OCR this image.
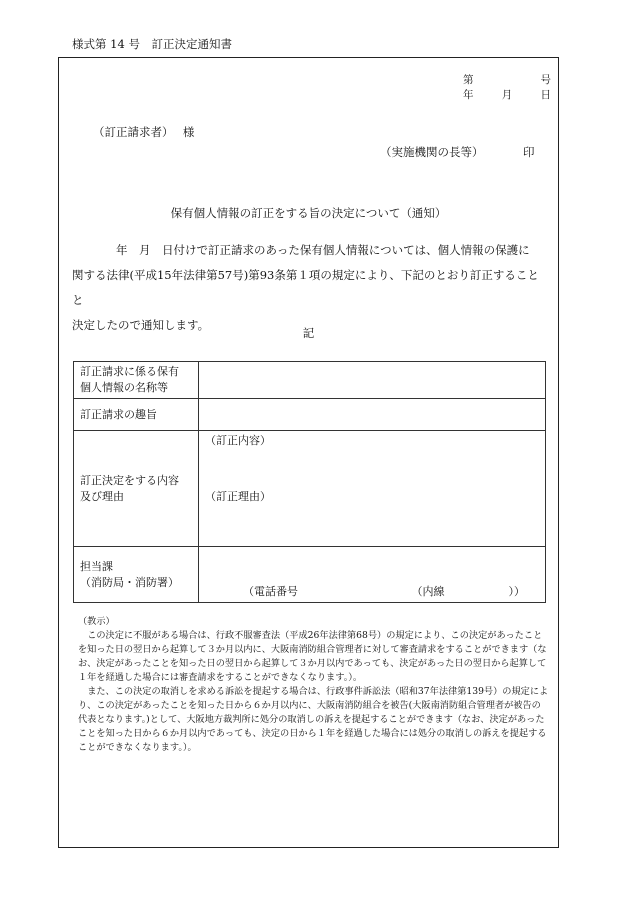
様式第 14 号　訂正決定通知書
第	号
年	月	日
（訂正請求者）　 様
（実施機関の長等）	印
保有個人情報の訂正をする旨の決定について（通知）

年　月　日付けで訂正請求のあった保有個人情報については、個人情報の保護に

関する法律(平成15年法律第57号)第93条第１項の規定により、下記のとおり訂正することと

決定したので通知します。

記
訂正請求に係る保有
個人情報の名称等	

訂正請求の趣旨	

訂正決定をする内容
及び理由	（訂正内容）
（訂正理由）

担当課
（消防局・消防署）	（電話番号 （内線 ））

（教示）

この決定に不服がある場合は、行政不服審査法（平成26年法律第68号）の規定により、この決定があったことを知った日の翌日から起算して３か月以内に、大阪南消防組合管理者に対して審査請求をすることができます（なお、決定があったことを知った日の翌日から起算して３か月以内であっても、決定があった日の翌日から起算して１年を経過した場合には審査請求をすることができなくなります。）。

また、この決定の取消しを求める訴訟を提起する場合は、行政事件訴訟法（昭和37年法律第139号）の規定により、この決定があったことを知った日から６か月以内に、大阪南消防組合を被告(大阪南消防組合管理者が被告の代表となります。)として、大阪地方裁判所に処分の取消しの訴えを提起することができます（なお、決定があったことを知った日から６か月以内であっても、決定の日から１年を経過した場合には処分の取消しの訴えを提起することができなくなります。）。
